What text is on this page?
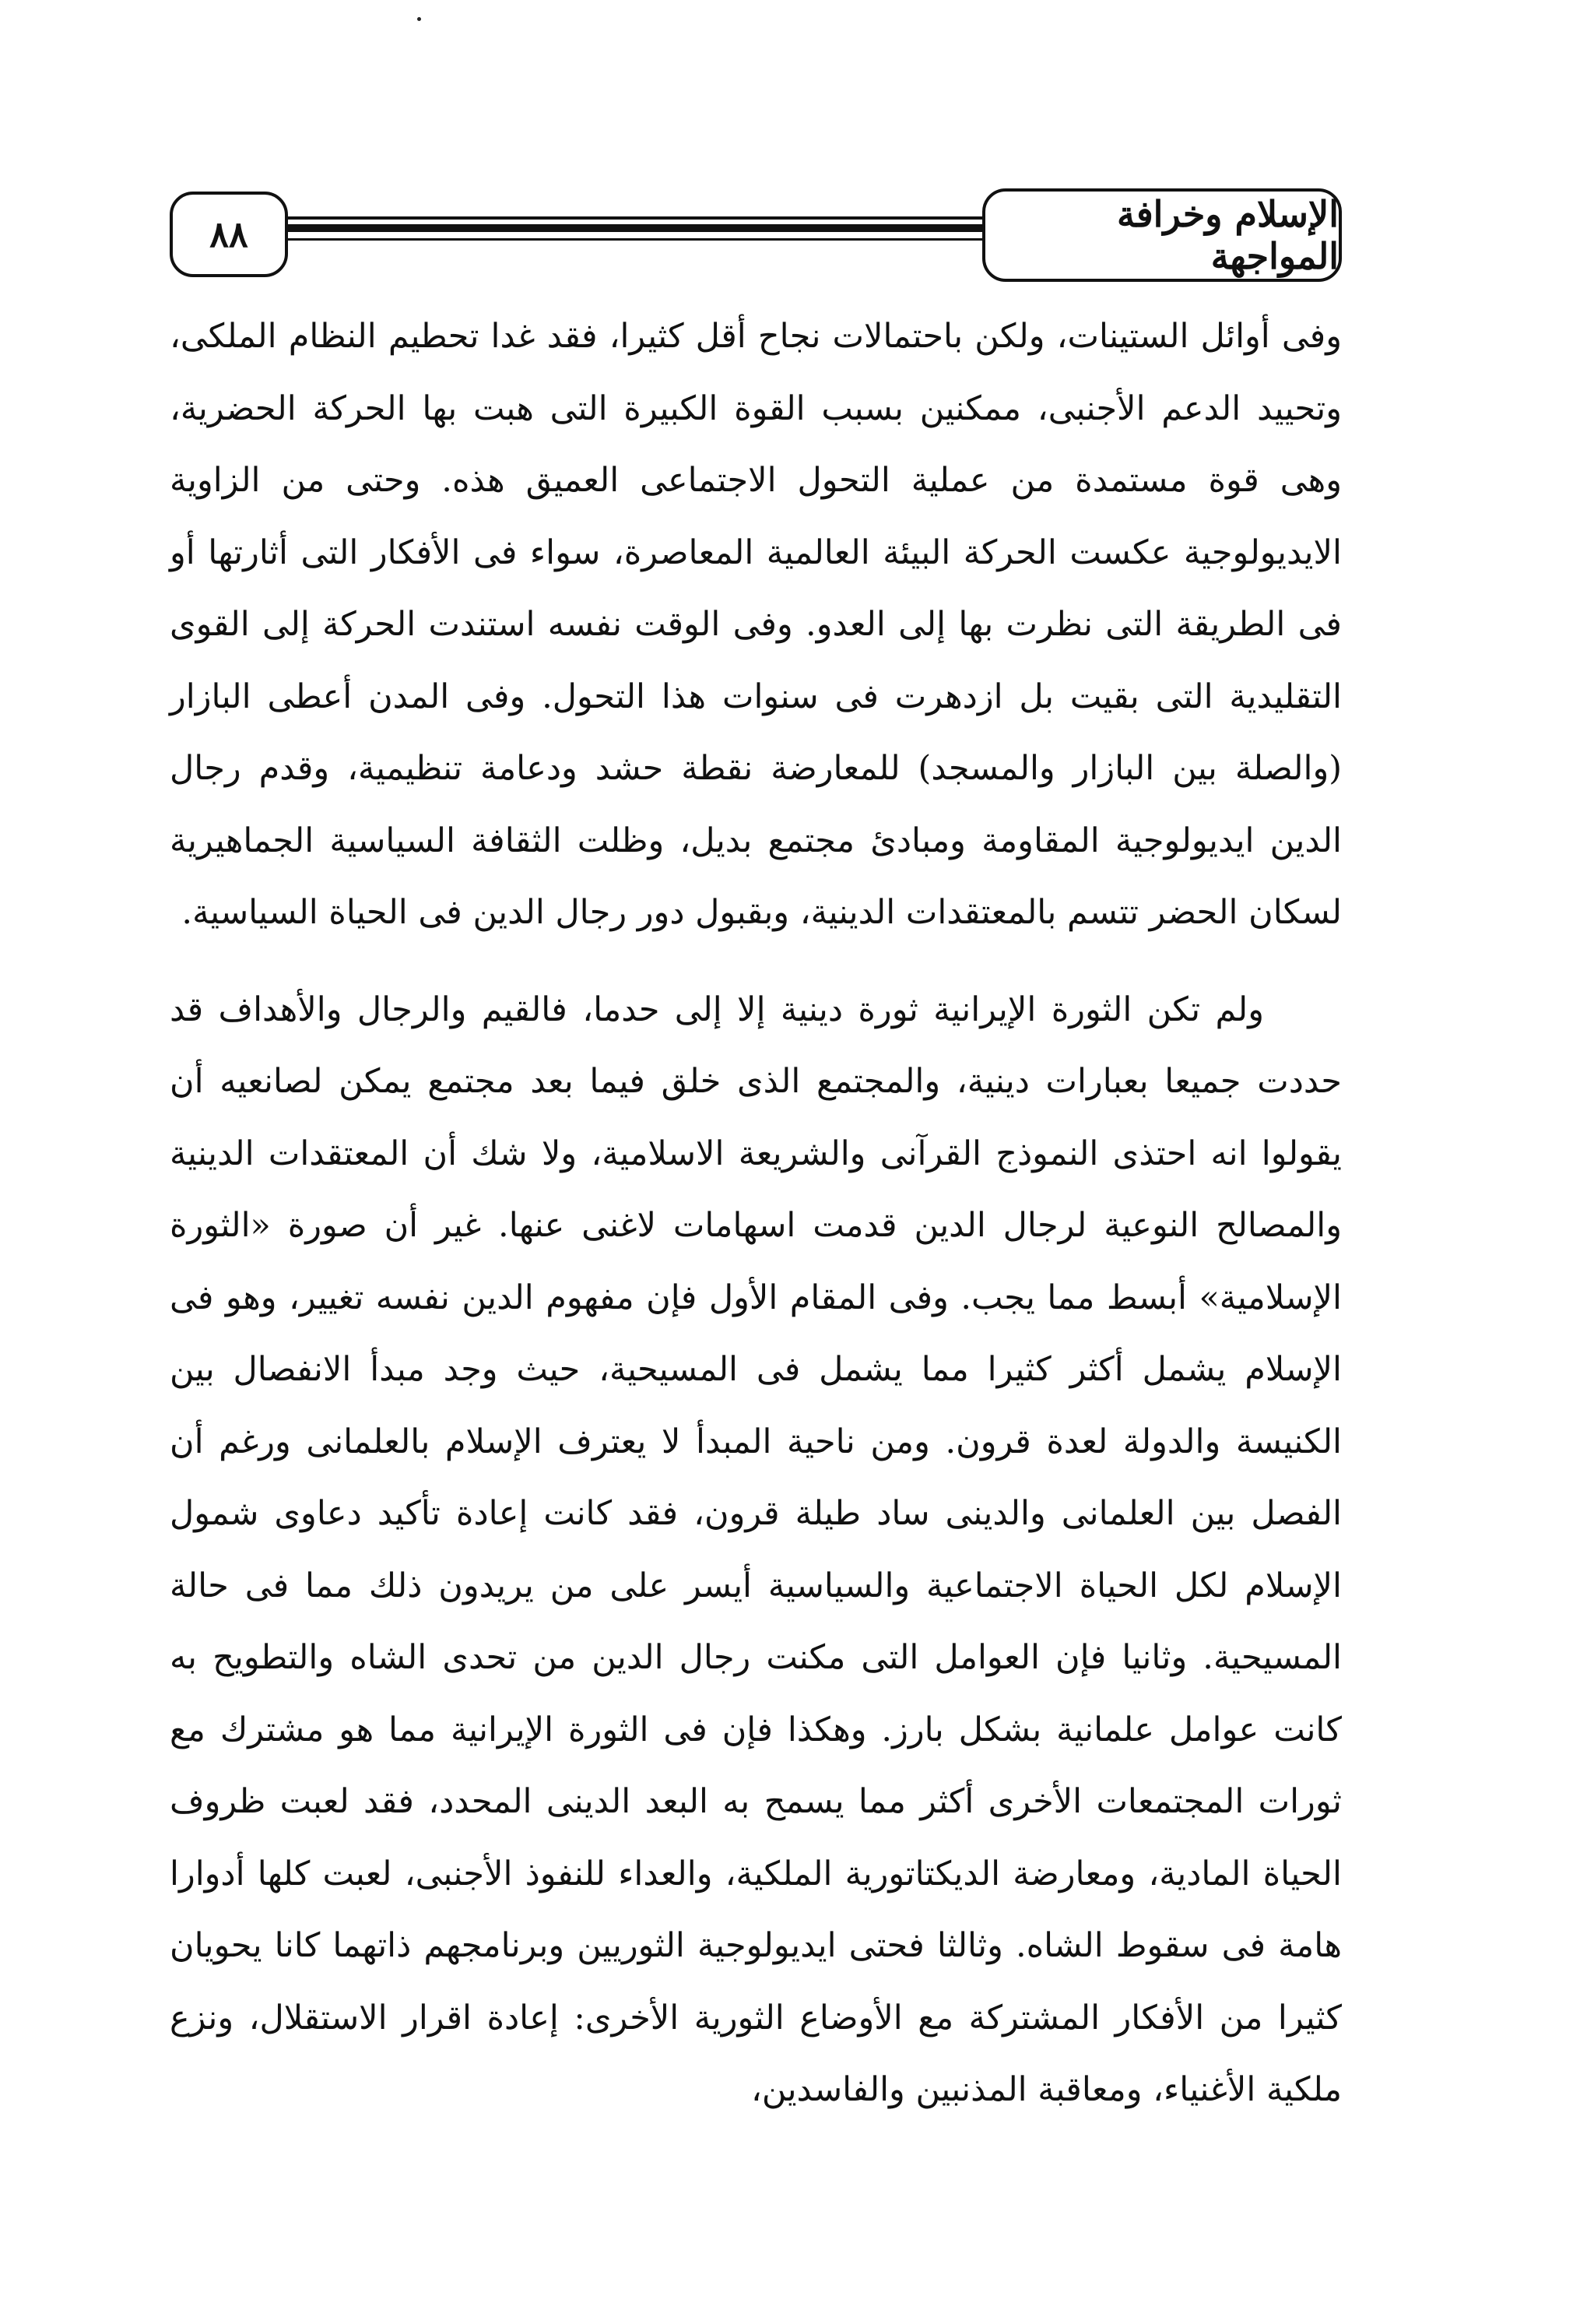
٨٨	الإسلام وخرافة المواجهة

وفى أوائل الستينات، ولكن باحتمالات نجاح أقل كثيرا، فقد غدا تحطيم النظام الملكى، وتحييد الدعم الأجنبى، ممكنين بسبب القوة الكبيرة التى هبت بها الحركة الحضرية، وهى قوة مستمدة من عملية التحول الاجتماعى العميق هذه. وحتى من الزاوية الايديولوجية عكست الحركة البيئة العالمية المعاصرة، سواء فى الأفكار التى أثارتها أو فى الطريقة التى نظرت بها إلى العدو. وفى الوقت نفسه استندت الحركة إلى القوى التقليدية التى بقيت بل ازدهرت فى سنوات هذا التحول. وفى المدن أعطى البازار (والصلة بين البازار والمسجد) للمعارضة نقطة حشد ودعامة تنظيمية، وقدم رجال الدين ايديولوجية المقاومة ومبادئ مجتمع بديل، وظلت الثقافة السياسية الجماهيرية لسكان الحضر تتسم بالمعتقدات الدينية، وبقبول دور رجال الدين فى الحياة السياسية.

ولم تكن الثورة الإيرانية ثورة دينية إلا إلى حدما، فالقيم والرجال والأهداف قد حددت جميعا بعبارات دينية، والمجتمع الذى خلق فيما بعد مجتمع يمكن لصانعيه أن يقولوا انه احتذى النموذج القرآنى والشريعة الاسلامية، ولا شك أن المعتقدات الدينية والمصالح النوعية لرجال الدين قدمت اسهامات لاغنى عنها. غير أن صورة «الثورة الإسلامية» أبسط مما يجب. وفى المقام الأول فإن مفهوم الدين نفسه تغيير، وهو فى الإسلام يشمل أكثر كثيرا مما يشمل فى المسيحية، حيث وجد مبدأ الانفصال بين الكنيسة والدولة لعدة قرون. ومن ناحية المبدأ لا يعترف الإسلام بالعلمانى ورغم أن الفصل بين العلمانى والدينى ساد طيلة قرون، فقد كانت إعادة تأكيد دعاوى شمول الإسلام لكل الحياة الاجتماعية والسياسية أيسر على من يريدون ذلك مما فى حالة المسيحية. وثانيا فإن العوامل التى مكنت رجال الدين من تحدى الشاه والتطويح به كانت عوامل علمانية بشكل بارز. وهكذا فإن فى الثورة الإيرانية مما هو مشترك مع ثورات المجتمعات الأخرى أكثر مما يسمح به البعد الدينى المحدد، فقد لعبت ظروف الحياة المادية، ومعارضة الديكتاتورية الملكية، والعداء للنفوذ الأجنبى، لعبت كلها أدوارا هامة فى سقوط الشاه. وثالثا فحتى ايديولوجية الثوريين وبرنامجهم ذاتهما كانا يحويان كثيرا من الأفكار المشتركة مع الأوضاع الثورية الأخرى: إعادة اقرار الاستقلال، ونزع ملكية الأغنياء، ومعاقبة المذنبين والفاسدين،
